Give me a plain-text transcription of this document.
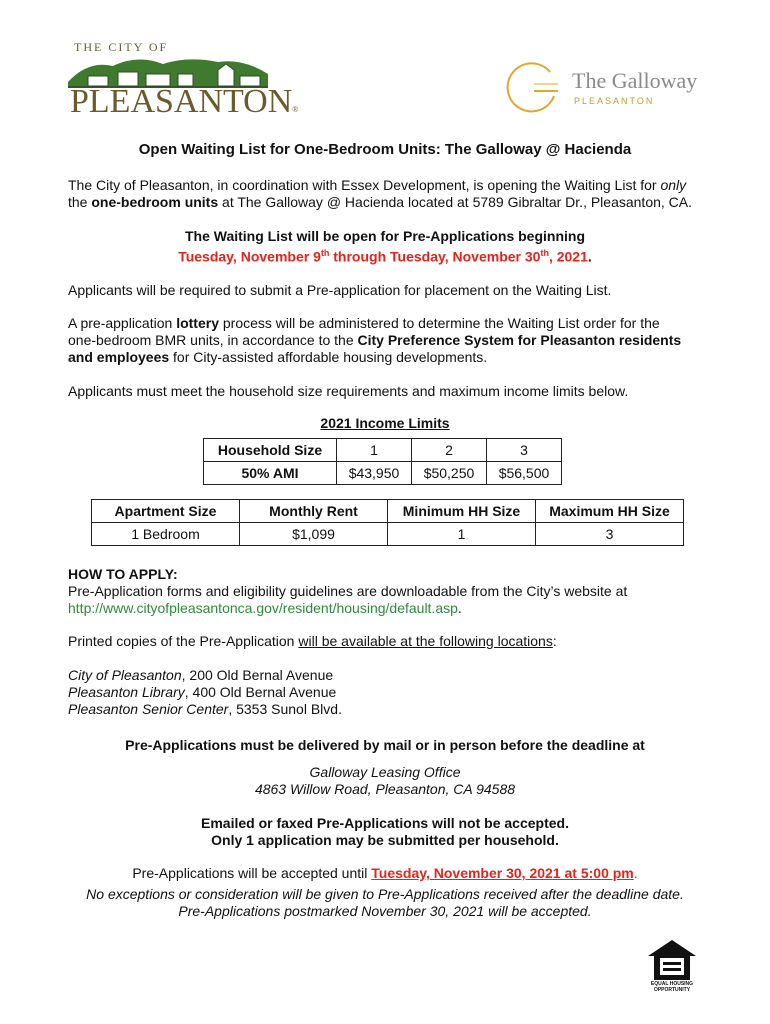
THE CITY OF
PLEASANTON®
The Galloway
PLEASANTON
Open Waiting List for One-Bedroom Units: The Galloway @ Hacienda
The City of Pleasanton, in coordination with Essex Development, is opening the Waiting List for only
the one-bedroom units at The Galloway @ Hacienda located at 5789 Gibraltar Dr., Pleasanton, CA.
The Waiting List will be open for Pre-Applications beginning
Tuesday, November 9th through Tuesday, November 30th, 2021.
Applicants will be required to submit a Pre-application for placement on the Waiting List.
A pre-application lottery process will be administered to determine the Waiting List order for the
one-bedroom BMR units, in accordance to the City Preference System for Pleasanton residents
and employees for City-assisted affordable housing developments.
Applicants must meet the household size requirements and maximum income limits below.
2021 Income Limits
Household Size	1	2	3
50% AMI	$43,950	$50,250	$56,500
Apartment Size	Monthly Rent	Minimum HH Size	Maximum HH Size
1 Bedroom	$1,099	1	3
HOW TO APPLY:
Pre-Application forms and eligibility guidelines are downloadable from the City’s website at
http://www.cityofpleasantonca.gov/resident/housing/default.asp.
Printed copies of the Pre-Application will be available at the following locations:
City of Pleasanton, 200 Old Bernal Avenue
Pleasanton Library, 400 Old Bernal Avenue
Pleasanton Senior Center, 5353 Sunol Blvd.
Pre-Applications must be delivered by mail or in person before the deadline at
Galloway Leasing Office
4863 Willow Road, Pleasanton, CA 94588
Emailed or faxed Pre-Applications will not be accepted.
Only 1 application may be submitted per household.
Pre-Applications will be accepted until Tuesday, November 30, 2021 at 5:00 pm.
No exceptions or consideration will be given to Pre-Applications received after the deadline date.
Pre-Applications postmarked November 30, 2021 will be accepted.
EQUAL HOUSING
OPPORTUNITY
